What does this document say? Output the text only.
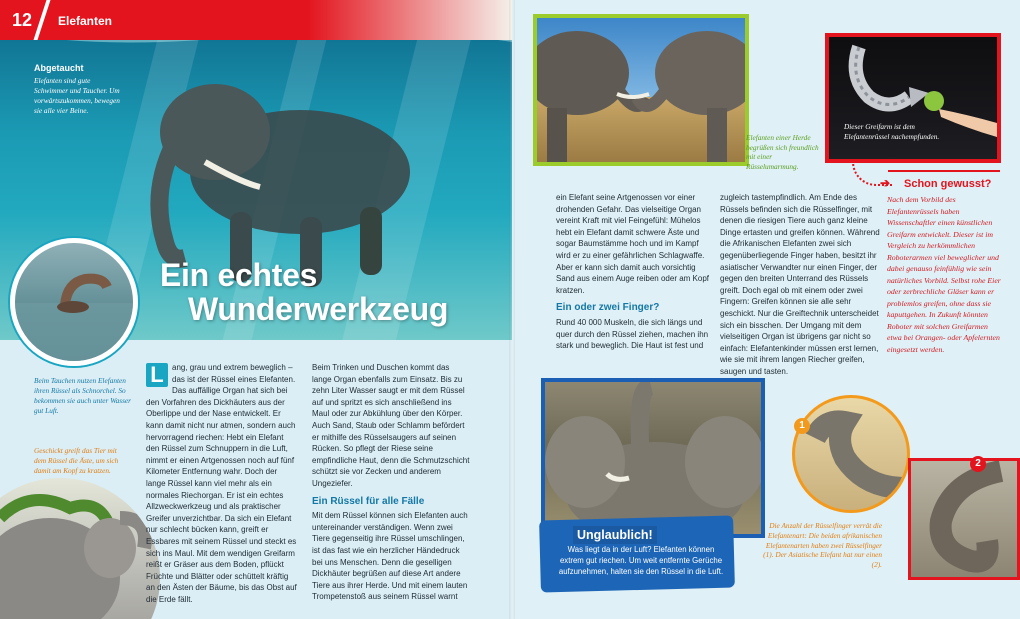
12 Elefanten
Abgetaucht
Elefanten sind gute Schwimmer und Taucher. Um vorwärtszukommen, bewegen sie alle vier Beine.
Ein echtes
Wunderwerkzeug
Beim Tauchen nutzen Elefanten ihren Rüssel als Schnorchel. So bekommen sie auch unter Wasser gut Luft.
Geschickt greift das Tier mit dem Rüssel die Äste, um sich damit am Kopf zu kratzen.
L	ang, grau und extrem beweglich – das ist der Rüssel eines Elefanten. Das auffällige Organ hat sich bei den Vorfahren des Dickhäuters aus der Oberlippe und der Nase entwickelt. Er kann damit nicht nur atmen, sondern auch hervorragend riechen: Hebt ein Elefant den Rüssel zum Schnuppern in die Luft, nimmt er einen Artgenossen noch auf fünf Kilometer Entfernung wahr. Doch der lange Rüssel kann viel mehr als ein normales Riechorgan. Er ist ein echtes Allzweckwerkzeug und als praktischer Greifer unverzichtbar. Da sich ein Elefant nur schlecht bücken kann, greift er Essbares mit seinem Rüssel und steckt es sich ins Maul. Mit dem wendigen Greifarm reißt er Gräser aus dem Boden, pflückt Früchte und Blätter oder schüttelt kräftig an den Ästen der Bäume, bis das Obst auf die Erde fällt.

Beim Trinken und Duschen kommt das lange Organ ebenfalls zum Einsatz. Bis zu zehn Liter Wasser saugt er mit dem Rüssel auf und spritzt es sich anschließend ins Maul oder zur Abkühlung über den Körper. Auch Sand, Staub oder Schlamm befördert er mithilfe des Rüsselsaugers auf seinen Rücken. So pflegt der Riese seine empfindliche Haut, denn die Schmutzschicht schützt sie vor Zecken und anderem Ungeziefer.

Ein Rüssel für alle Fälle

Mit dem Rüssel können sich Elefanten auch untereinander verständigen. Wenn zwei Tiere gegenseitig ihre Rüssel umschlingen, ist das fast wie ein herzlicher Händedruck bei uns Menschen. Denn die geselligen Dickhäuter begrüßen auf diese Art andere Tiere aus ihrer Herde. Und mit einem lauten Trompetenstoß aus seinem Rüssel warnt

Elefanten einer Herde begrüßen sich freundlich mit einer Rüsselumarmung.
Dieser Greifarm ist dem Elefantenrüssel nachempfunden.

ein Elefant seine Artgenossen vor einer drohenden Gefahr. Das vielseitige Organ vereint Kraft mit viel Feingefühl: Mühelos hebt ein Elefant damit schwere Äste und sogar Baumstämme hoch und im Kampf wird er zu einer gefährlichen Schlagwaffe. Aber er kann sich damit auch vorsichtig Sand aus einem Auge reiben oder am Kopf kratzen.

Ein oder zwei Finger?

Rund 40 000 Muskeln, die sich längs und quer durch den Rüssel ziehen, machen ihn stark und beweglich. Die Haut ist fest und

zugleich tastempfindlich. Am Ende des Rüssels befinden sich die Rüsselfinger, mit denen die riesigen Tiere auch ganz kleine Dinge ertasten und greifen können. Während die Afrikanischen Elefanten zwei sich gegenüberliegende Finger haben, besitzt ihr asiatischer Verwandter nur einen Finger, der gegen den breiten Unterrand des Rüssels greift. Doch egal ob mit einem oder zwei Fingern: Greifen können sie alle sehr geschickt. Nur die Greiftechnik unterscheidet sich ein bisschen. Der Umgang mit dem vielseitigen Organ ist übrigens gar nicht so einfach: Elefantenkinder müssen erst lernen, wie sie mit ihrem langen Riecher greifen, saugen und tasten.

➔ Schon gewusst?
Nach dem Vorbild des Elefantenrüssels haben Wissenschaftler einen künstlichen Greifarm entwickelt. Dieser ist im Vergleich zu herkömmlichen Roboterarmen viel beweglicher und dabei genauso feinfühlig wie sein natürliches Vorbild. Selbst rohe Eier oder zerbrechliche Gläser kann er problemlos greifen, ohne dass sie kaputtgehen. In Zukunft könnten Roboter mit solchen Greifarmen etwa bei Orangen- oder Apfelernten eingesetzt werden.
Unglaublich!
Was liegt da in der Luft? Elefanten können extrem gut riechen. Um weit entfernte Gerüche aufzunehmen, halten sie den Rüssel in die Luft.
1
2
Die Anzahl der Rüsselfinger verrät die Elefantenart: Die beiden afrikanischen Elefantenarten haben zwei Rüsselfinger (1). Der Asiatische Elefant hat nur einen (2).
